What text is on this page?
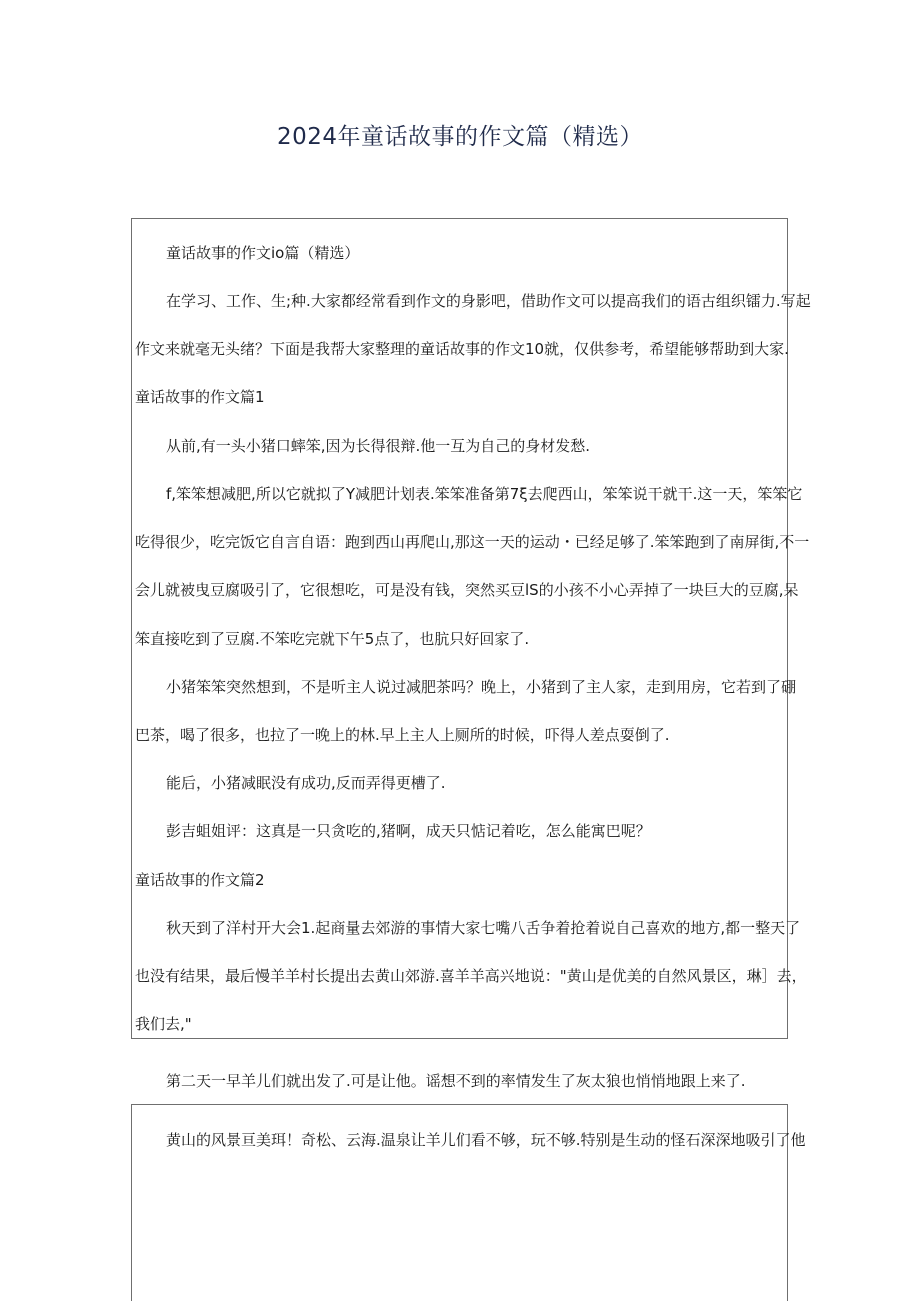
2024年童话故事的作文篇（精选）
童话故事的作文io篇（精选）
在学习、工作、生;种.大家都经常看到作文的身影吧，借助作文可以提高我们的语古组织镭力.写起
作文来就毫无头绪？下面是我帮大家整理的童话故事的作文10就，仅供参考，希望能够帮助到大家.
童话故事的作文篇1
从前,有一头小猪口蟀笨,因为长得很辩.他一互为自己的身材发愁.
f,笨笨想减肥,所以它就拟了Y减肥计划表.笨笨准备第7ξ去爬西山，笨笨说干就干.这一天，笨笨它
吃得很少，吃完饭它自言自语：跑到西山再爬山,那这一天的运动・已经足够了.笨笨跑到了南屏街,不一
会儿就被曳豆腐吸引了，它很想吃，可是没有钱，突然买豆lS的小孩不小心弄掉了一块巨大的豆腐,呆
笨直接吃到了豆腐.不笨吃完就下午5点了，也肮只好回家了.
小猪笨笨突然想到，不是听主人说过减肥茶吗？晚上，小猪到了主人家，走到用房，它若到了硼
巴茶，喝了很多，也拉了一晚上的林.早上主人上厕所的时候，吓得人差点耍倒了.
能后，小猪减眠没有成功,反而弄得更槽了.
彭吉蛆姐评：这真是一只贪吃的,猪啊，成天只惦记着吃，怎么能寓巴呢？
童话故事的作文篇2
秋天到了洋村开大会1.起商量去郊游的事情大家七嘴八舌争着抢着说自己喜欢的地方,都一整天了
也没有结果，最后慢羊羊村长提出去黄山郊游.喜羊羊高兴地说："黄山是优美的自然风景区，琳］去，
我们去,"
第二天一早羊儿们就出发了.可是让他。谣想不到的率情发生了灰太狼也悄悄地跟上来了.
黄山的风景亘美珥！奇松、云海.温泉让羊儿们看不够，玩不够.特别是生动的怪石深深地吸引了他
